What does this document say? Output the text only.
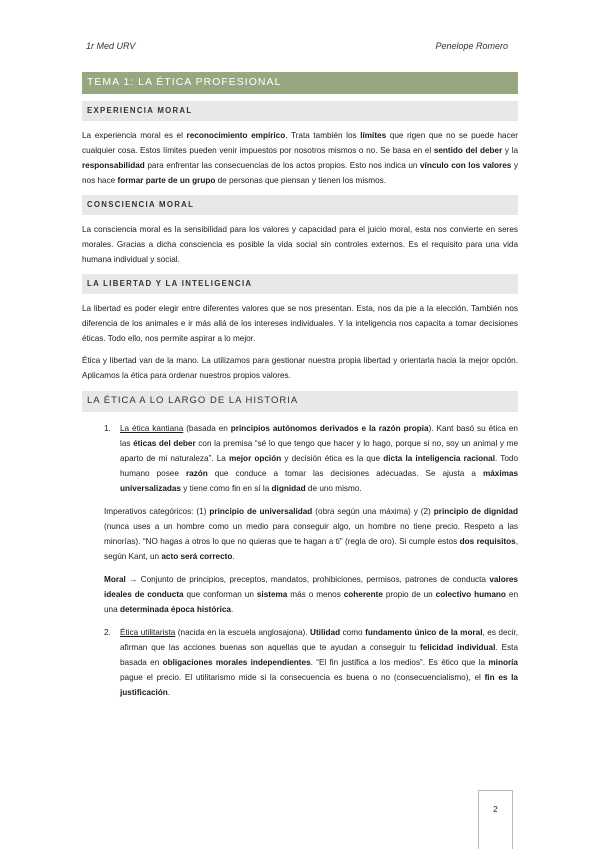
1r Med URV	Penelope Romero
TEMA 1: LA ÉTICA PROFESIONAL
EXPERIENCIA MORAL

La experiencia moral es el reconocimiento empírico. Trata también los límites que rigen que no se puede hacer cualquier cosa. Estos límites pueden venir impuestos por nosotros mismos o no. Se basa en el sentido del deber y la responsabilidad para enfrentar las consecuencias de los actos propios. Esto nos indica un vínculo con los valores y nos hace formar parte de un grupo de personas que piensan y tienen los mismos.

CONSCIENCIA MORAL

La consciencia moral es la sensibilidad para los valores y capacidad para el juicio moral, esta nos convierte en seres morales. Gracias a dicha consciencia es posible la vida social sin controles externos. Es el requisito para una vida humana individual y social.

LA LIBERTAD Y LA INTELIGENCIA

La libertad es poder elegir entre diferentes valores que se nos presentan. Esta, nos da pie a la elección. También nos diferencia de los animales e ir más allá de los intereses individuales. Y la inteligencia nos capacita a tomar decisiones éticas. Todo ello, nos permite aspirar a lo mejor.

Ética y libertad van de la mano. La utilizamos para gestionar nuestra propia libertad y orientarla hacia la mejor opción. Aplicamos la ética para ordenar nuestros propios valores.

LA ÉTICA A LO LARGO DE LA HISTORIA
1. La ética kantiana (basada en principios autónomos derivados e la razón propia). Kant basó su ética en las éticas del deber con la premisa “sé lo que tengo que hacer y lo hago, porque si no, soy un animal y me aparto de mi naturaleza”. La mejor opción y decisión ética es la que dicta la inteligencia racional. Todo humano posee razón que conduce a tomar las decisiones adecuadas. Se ajusta a máximas universalizadas y tiene como fin en sí la dignidad de uno mismo.

Imperativos categóricos: (1) principio de universalidad (obra según una máxima) y (2) principio de dignidad (nunca uses a un hombre como un medio para conseguir algo, un hombre no tiene precio. Respeto a las minorías). “NO hagas a otros lo que no quieras que te hagan a ti” (regla de oro). Si cumple estos dos requisitos, según Kant, un acto será correcto.

Moral → Conjunto de principios, preceptos, mandatos, prohibiciones, permisos, patrones de conducta valores ideales de conducta que conforman un sistema más o menos coherente propio de un colectivo humano en una determinada época histórica.

2. Ética utilitarista (nacida en la escuela anglosajona). Utilidad como fundamento único de la moral, es decir, afirman que las acciones buenas son aquellas que te ayudan a conseguir tu felicidad individual. Esta basada en obligaciones morales independientes. “El fin justifica a los medios”. Es ético que la minoría pague el precio. El utilitarismo mide si la consecuencia es buena o no (consecuencialismo), el fin es la justificación.
2
